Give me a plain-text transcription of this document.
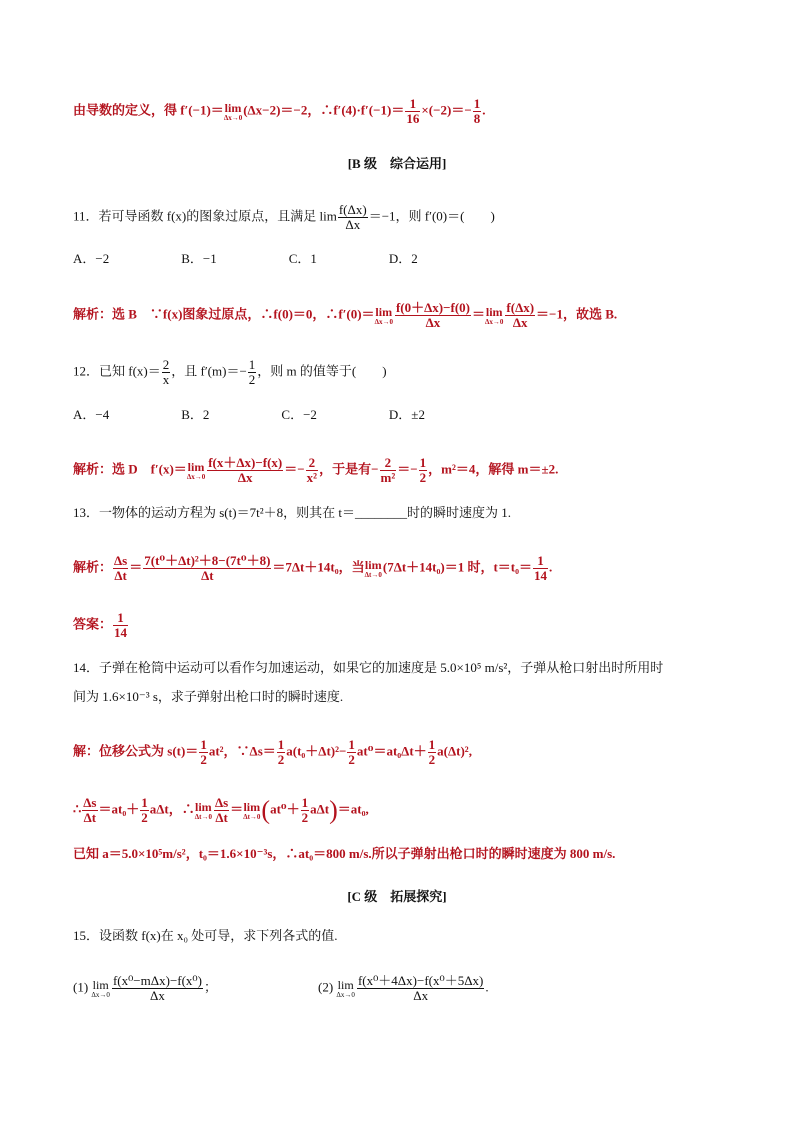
由导数的定义，得 f′(−1)＝ lim
Δx→0
(Δx−2)＝−2，∴f′(4)·f′(−1)＝ $\frac{1}{16} \times(-2)=- \frac{1}{8}$ .
[B 级　综合运用]
11．若可导函数 f(x)的图象过原点，且满足 $\lim \frac{f(\Delta x)}{\Delta x} =-1$，则 f′(0)＝(　　)
A．−2	B．−1	C．1	D．2
解析：选 B　∵f(x)图象过原点，∴f(0)＝0，∴f′(0)＝ lim
$\Delta x\to 0 \frac{f(0+\Delta x)-f(0)}{\Delta x} = \lim$
$\Delta x\to 0 \frac{f(\Delta x)}{\Delta x} =-1$，故选 B.
12．已知 $f(x)= \frac{2}{x}$ ，且 $f'(m)=- \frac{1}{2}$ ，则 m 的值等于(　　)
A．−4	B．2	C．−2	D．±2
解析：选 D　f′(x)＝ lim
$\Delta x\to 0 \frac{f(x+\Delta x)-f(x)}{\Delta x} =- \frac{2}{\text{x²}}$ ，于是有− $\frac{2}{\text{m²}} =- \frac{1}{2}$ ，m²＝4，解得 m＝±2.
13．一物体的运动方程为 s(t)＝7t²＋8，则其在 t＝________时的瞬时速度为 1.
解析： $\frac{\Delta s}{\Delta t} = \frac{\text{7(t⁰＋Δt)²＋8−(7t⁰＋8)}}{\Delta t} =7\Delta t+14t_0$，当 lim
Δt→0
(7Δt＋14t₀)＝1 时，$t=t_0= \frac{1}{14}$ .
答案： $\frac{1}{14}$
14．子弹在枪筒中运动可以看作匀加速运动，如果它的加速度是 5.0×10⁵ m/s²，子弹从枪口射出时所用时
间为 1.6×10⁻³ s，求子弹射出枪口时的瞬时速度.
解：位移公式为 $s(t)= \frac{1}{2} at^2$，∵Δs＝ $\frac{1}{2} a(t_0+\Delta t)^2- \frac{1}{2} at^0=at_0\Delta t+ \frac{1}{2} a(\Delta t)^2$,
∴ $\frac{\Delta s}{\Delta t} =at_0+ \frac{1}{2}$ aΔt，∴ lim
$\Delta t\to 0 \frac{\Delta s}{\Delta t} = \lim$
Δt→0 $(at^0+ \frac{1}{2} a\Delta t)=at_0$,
已知 a＝5.0×10⁵m/s²，t₀＝1.6×10⁻³s，∴at₀＝800 m/s.所以子弹射出枪口时的瞬时速度为 800 m/s.
[C 级　拓展探究]
15．设函数 f(x)在 x₀ 处可导，求下列各式的值.
(1) lim
$\Delta x\to 0 \frac{\text{f(x⁰−mΔx)−f(x⁰)}}{\Delta x}$ ；	(2) lim
$\Delta x\to 0 \frac{\text{f(x⁰＋4Δx)−f(x⁰＋5Δx)}}{\Delta x}$ .
